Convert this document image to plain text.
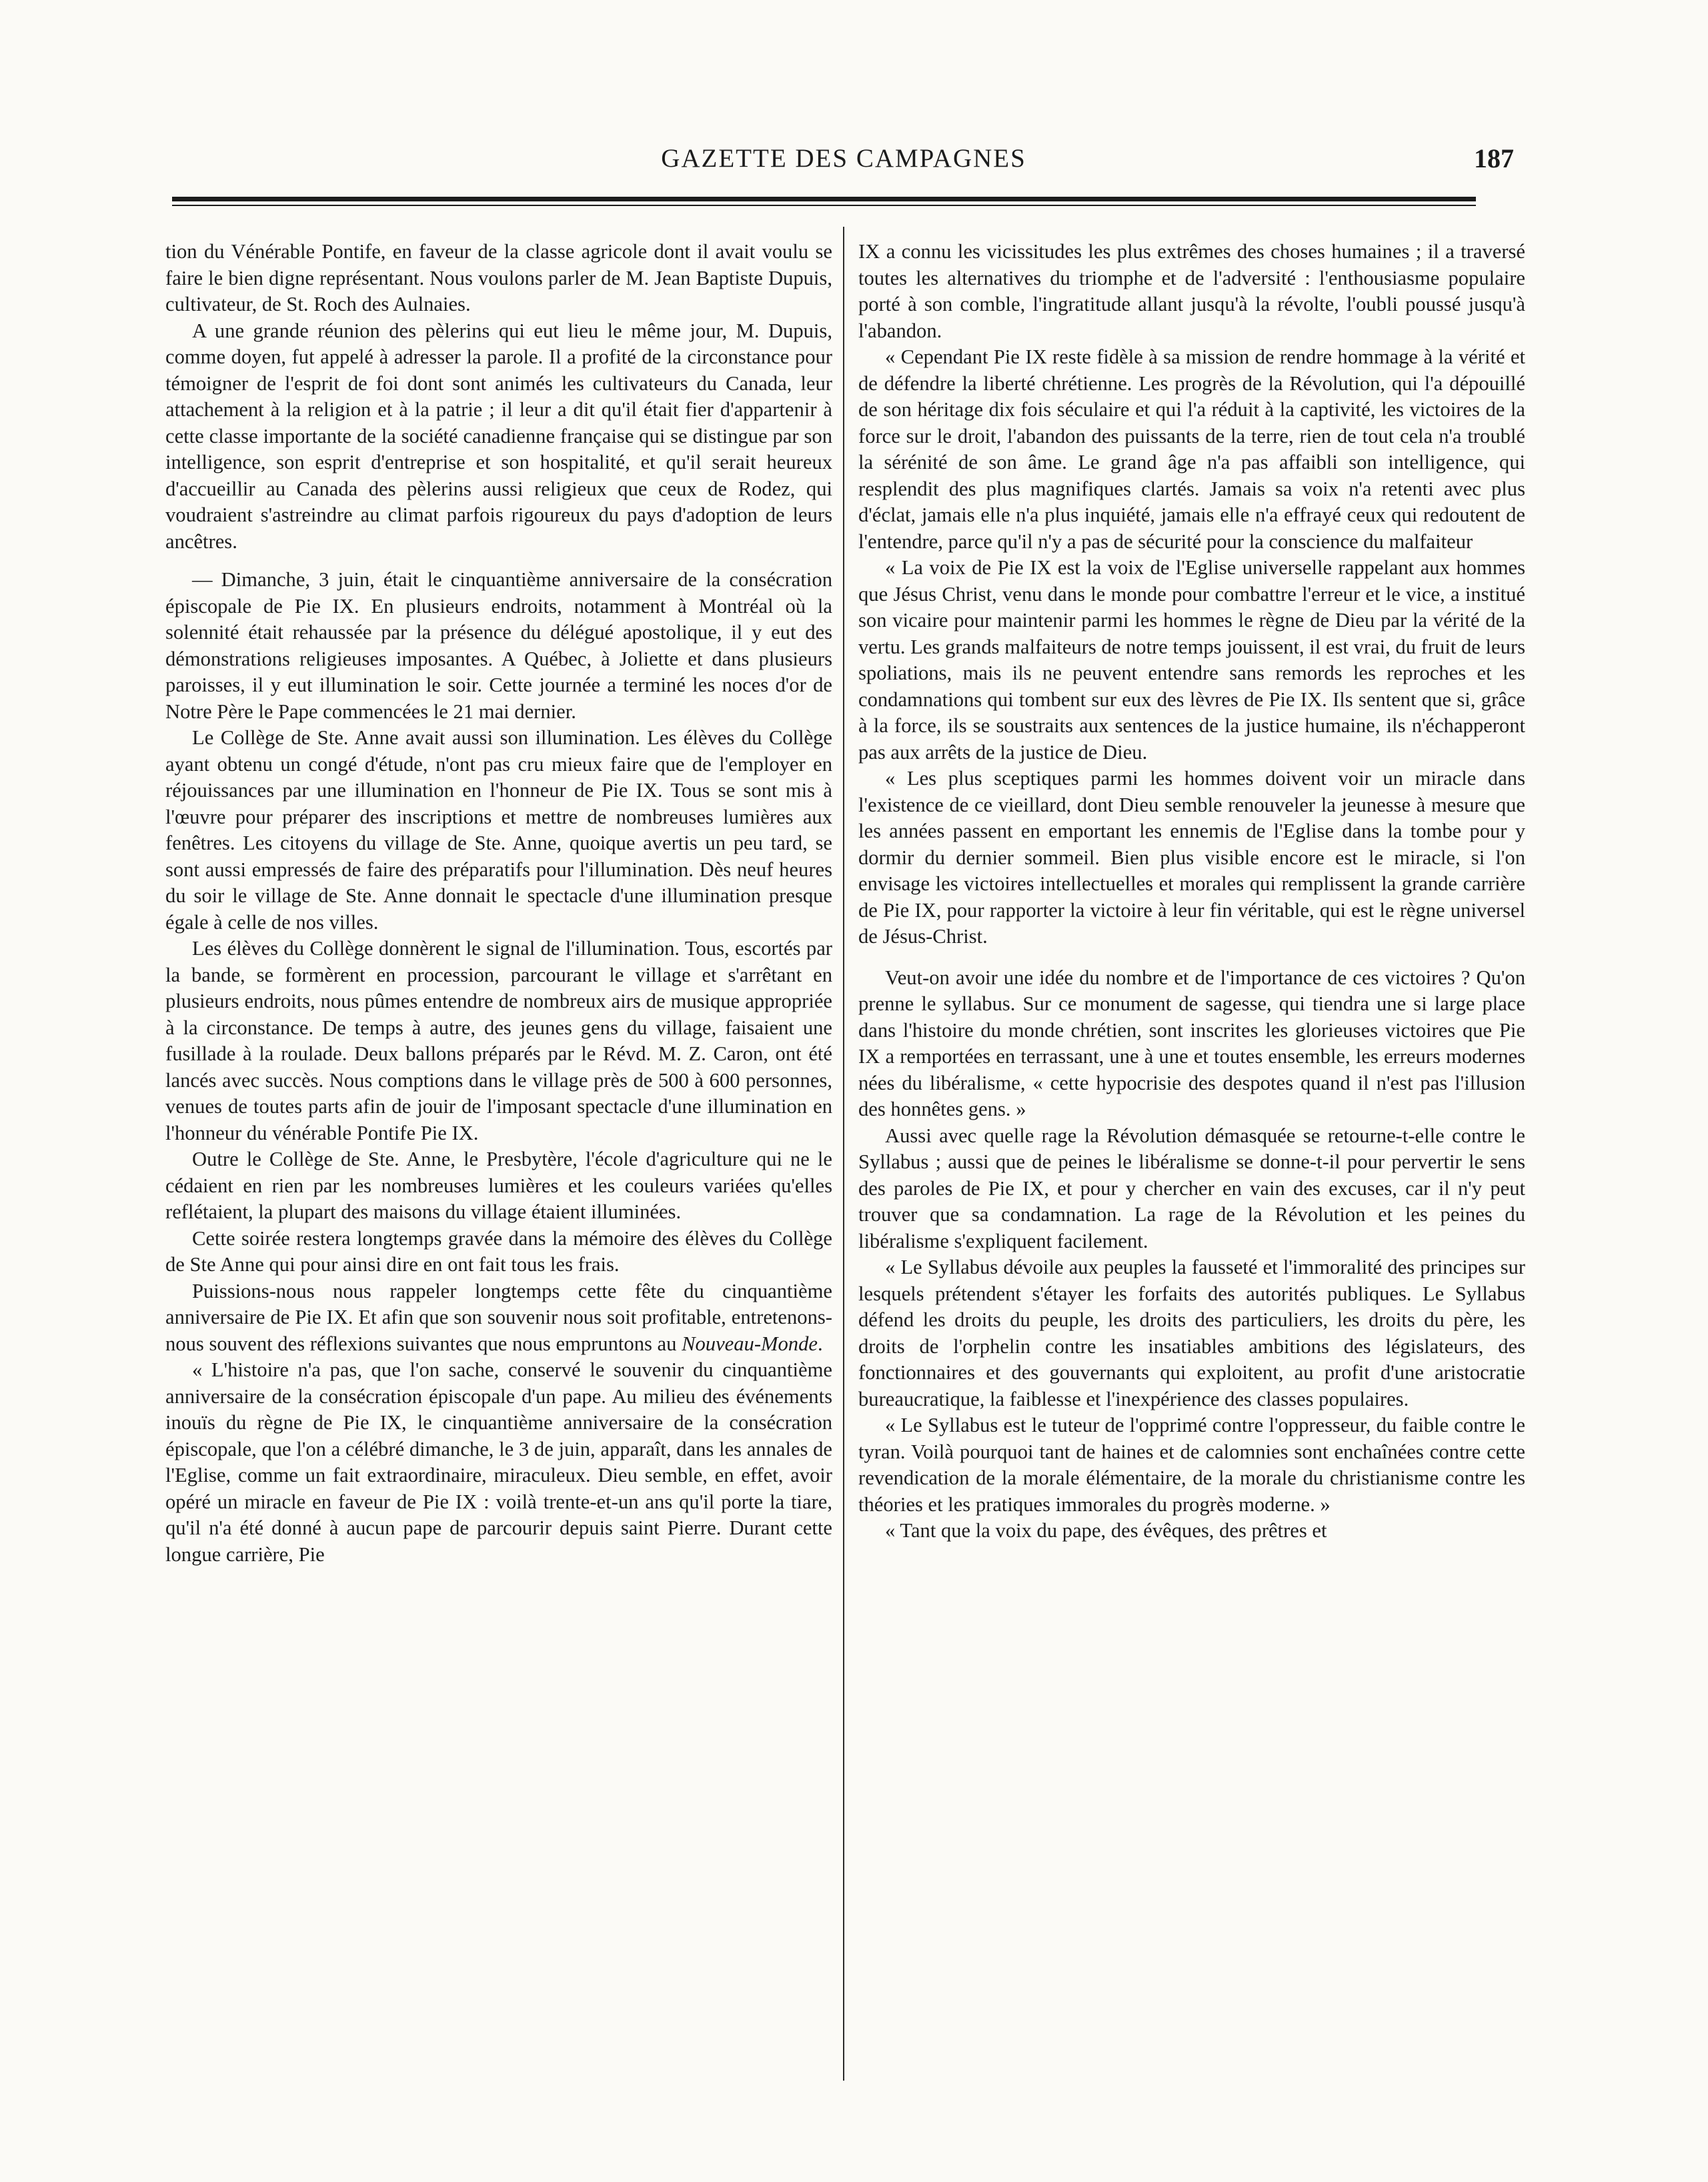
GAZETTE DES CAMPAGNES	187

tion du Vénérable Pontife, en faveur de la classe agricole dont il avait voulu se faire le bien digne représentant. Nous voulons parler de M. Jean Baptiste Dupuis, cultivateur, de St. Roch des Aulnaies.

A une grande réunion des pèlerins qui eut lieu le même jour, M. Dupuis, comme doyen, fut appelé à adresser la parole. Il a profité de la circonstance pour témoigner de l'esprit de foi dont sont animés les cultivateurs du Canada, leur attachement à la religion et à la patrie ; il leur a dit qu'il était fier d'appartenir à cette classe importante de la société canadienne française qui se distingue par son intelligence, son esprit d'entreprise et son hospitalité, et qu'il serait heureux d'accueillir au Canada des pèlerins aussi religieux que ceux de Rodez, qui voudraient s'astreindre au climat parfois rigoureux du pays d'adoption de leurs ancêtres.

— Dimanche, 3 juin, était le cinquantième anniversaire de la consécration épiscopale de Pie IX. En plusieurs endroits, notamment à Montréal où la solennité était rehaussée par la présence du délégué apostolique, il y eut des démonstrations religieuses imposantes. A Québec, à Joliette et dans plusieurs paroisses, il y eut illumination le soir. Cette journée a terminé les noces d'or de Notre Père le Pape commencées le 21 mai dernier.

Le Collège de Ste. Anne avait aussi son illumination. Les élèves du Collège ayant obtenu un congé d'étude, n'ont pas cru mieux faire que de l'employer en réjouissances par une illumination en l'honneur de Pie IX. Tous se sont mis à l'œuvre pour préparer des inscriptions et mettre de nombreuses lumières aux fenêtres. Les citoyens du village de Ste. Anne, quoique avertis un peu tard, se sont aussi empressés de faire des préparatifs pour l'illumination. Dès neuf heures du soir le village de Ste. Anne donnait le spectacle d'une illumination presque égale à celle de nos villes.

Les élèves du Collège donnèrent le signal de l'illumination. Tous, escortés par la bande, se formèrent en procession, parcourant le village et s'arrêtant en plusieurs endroits, nous pûmes entendre de nombreux airs de musique appropriée à la circonstance. De temps à autre, des jeunes gens du village, faisaient une fusillade à la roulade. Deux ballons préparés par le Révd. M. Z. Caron, ont été lancés avec succès. Nous comptions dans le village près de 500 à 600 personnes, venues de toutes parts afin de jouir de l'imposant spectacle d'une illumination en l'honneur du vénérable Pontife Pie IX.

Outre le Collège de Ste. Anne, le Presbytère, l'école d'agriculture qui ne le cédaient en rien par les nombreuses lumières et les couleurs variées qu'elles reflétaient, la plupart des maisons du village étaient illuminées.

Cette soirée restera longtemps gravée dans la mémoire des élèves du Collège de Ste Anne qui pour ainsi dire en ont fait tous les frais.

Puissions-nous nous rappeler longtemps cette fête du cinquantième anniversaire de Pie IX. Et afin que son souvenir nous soit profitable, entretenons-nous souvent des réflexions suivantes que nous empruntons au Nouveau-Monde.

« L'histoire n'a pas, que l'on sache, conservé le souvenir du cinquantième anniversaire de la consécration épiscopale d'un pape. Au milieu des événements inouïs du règne de Pie IX, le cinquantième anniversaire de la consécration épiscopale, que l'on a célébré dimanche, le 3 de juin, apparaît, dans les annales de l'Eglise, comme un fait extraordinaire, miraculeux. Dieu semble, en effet, avoir opéré un miracle en faveur de Pie IX : voilà trente-et-un ans qu'il porte la tiare, qu'il n'a été donné à aucun pape de parcourir depuis saint Pierre. Durant cette longue carrière, Pie

IX a connu les vicissitudes les plus extrêmes des choses humaines ; il a traversé toutes les alternatives du triomphe et de l'adversité : l'enthousiasme populaire porté à son comble, l'ingratitude allant jusqu'à la révolte, l'oubli poussé jusqu'à l'abandon.

« Cependant Pie IX reste fidèle à sa mission de rendre hommage à la vérité et de défendre la liberté chrétienne. Les progrès de la Révolution, qui l'a dépouillé de son héritage dix fois séculaire et qui l'a réduit à la captivité, les victoires de la force sur le droit, l'abandon des puissants de la terre, rien de tout cela n'a troublé la sérénité de son âme. Le grand âge n'a pas affaibli son intelligence, qui resplendit des plus magnifiques clartés. Jamais sa voix n'a retenti avec plus d'éclat, jamais elle n'a plus inquiété, jamais elle n'a effrayé ceux qui redoutent de l'entendre, parce qu'il n'y a pas de sécurité pour la conscience du malfaiteur

« La voix de Pie IX est la voix de l'Eglise universelle rappelant aux hommes que Jésus Christ, venu dans le monde pour combattre l'erreur et le vice, a institué son vicaire pour maintenir parmi les hommes le règne de Dieu par la vérité de la vertu. Les grands malfaiteurs de notre temps jouissent, il est vrai, du fruit de leurs spoliations, mais ils ne peuvent entendre sans remords les reproches et les condamnations qui tombent sur eux des lèvres de Pie IX. Ils sentent que si, grâce à la force, ils se soustraits aux sentences de la justice humaine, ils n'échapperont pas aux arrêts de la justice de Dieu.

« Les plus sceptiques parmi les hommes doivent voir un miracle dans l'existence de ce vieillard, dont Dieu semble renouveler la jeunesse à mesure que les années passent en emportant les ennemis de l'Eglise dans la tombe pour y dormir du dernier sommeil. Bien plus visible encore est le miracle, si l'on envisage les victoires intellectuelles et morales qui remplissent la grande carrière de Pie IX, pour rapporter la victoire à leur fin véritable, qui est le règne universel de Jésus-Christ.

Veut-on avoir une idée du nombre et de l'importance de ces victoires ? Qu'on prenne le syllabus. Sur ce monument de sagesse, qui tiendra une si large place dans l'histoire du monde chrétien, sont inscrites les glorieuses victoires que Pie IX a remportées en terrassant, une à une et toutes ensemble, les erreurs modernes nées du libéralisme, « cette hypocrisie des despotes quand il n'est pas l'illusion des honnêtes gens. »

Aussi avec quelle rage la Révolution démasquée se retourne-t-elle contre le Syllabus ; aussi que de peines le libéralisme se donne-t-il pour pervertir le sens des paroles de Pie IX, et pour y chercher en vain des excuses, car il n'y peut trouver que sa condamnation. La rage de la Révolution et les peines du libéralisme s'expliquent facilement.

« Le Syllabus dévoile aux peuples la fausseté et l'immoralité des principes sur lesquels prétendent s'étayer les forfaits des autorités publiques. Le Syllabus défend les droits du peuple, les droits des particuliers, les droits du père, les droits de l'orphelin contre les insatiables ambitions des législateurs, des fonctionnaires et des gouvernants qui exploitent, au profit d'une aristocratie bureaucratique, la faiblesse et l'inexpérience des classes populaires.

« Le Syllabus est le tuteur de l'opprimé contre l'oppresseur, du faible contre le tyran. Voilà pourquoi tant de haines et de calomnies sont enchaînées contre cette revendication de la morale élémentaire, de la morale du christianisme contre les théories et les pratiques immorales du progrès moderne. »

« Tant que la voix du pape, des évêques, des prêtres et
